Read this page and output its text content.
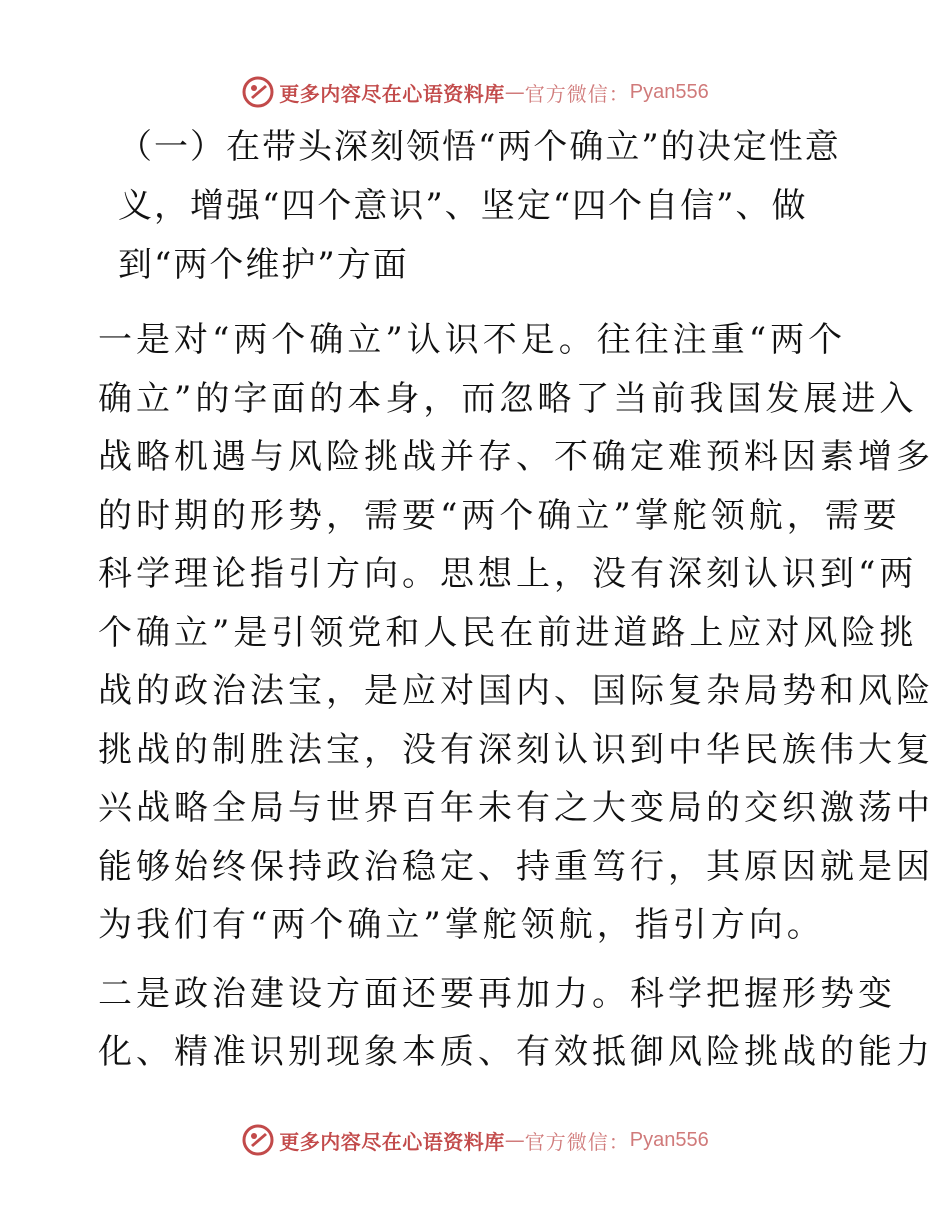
更多内容尽在心语资料库 — 官方微信： Pyan556
（一）在带头深刻领悟“两个确立”的决定性意
义，增强“四个意识”、坚定“四个自信”、做
到“两个维护”方面
一是对“两个确立”认识不足。往往注重“两个
确立”的字面的本身，而忽略了当前我国发展进入
战略机遇与风险挑战并存、不确定难预料因素增多
的时期的形势，需要“两个确立”掌舵领航，需要
科学理论指引方向。思想上，没有深刻认识到“两
个确立”是引领党和人民在前进道路上应对风险挑
战的政治法宝，是应对国内、国际复杂局势和风险
挑战的制胜法宝，没有深刻认识到中华民族伟大复
兴战略全局与世界百年未有之大变局的交织激荡中
能够始终保持政治稳定、持重笃行，其原因就是因
为我们有“两个确立”掌舵领航，指引方向。
二是政治建设方面还要再加力。科学把握形势变
化、精准识别现象本质、有效抵御风险挑战的能力
更多内容尽在心语资料库 — 官方微信： Pyan556
